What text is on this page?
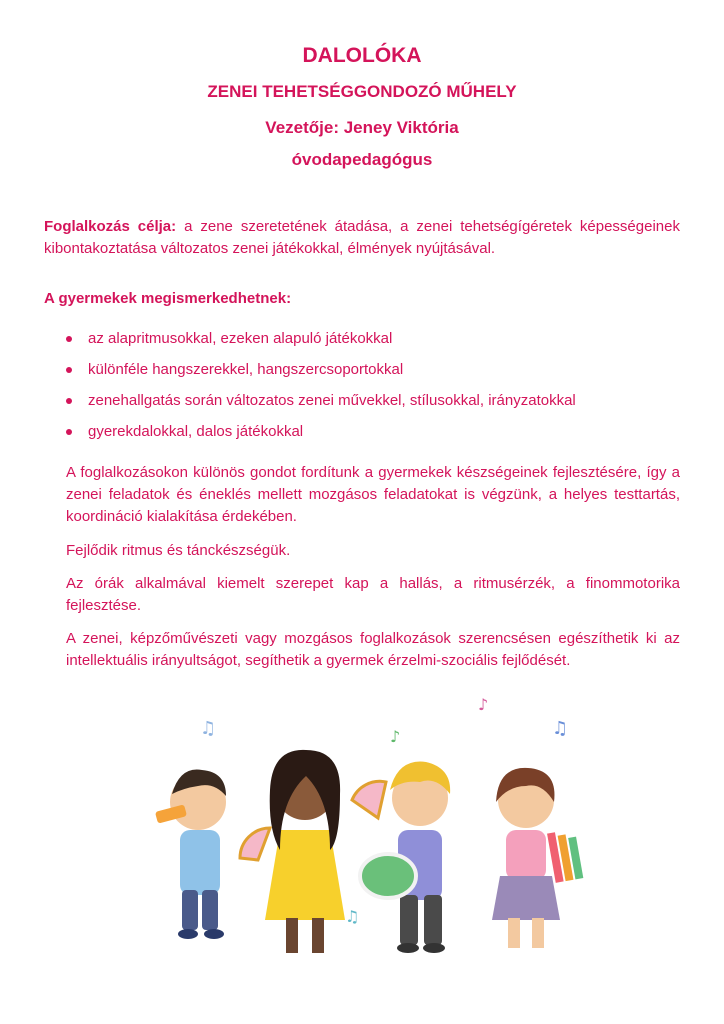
DALOLÓKA
ZENEI TEHETSÉGGONDOZÓ MŰHELY
Vezetője: Jeney Viktória
óvodapedagógus

Foglalkozás célja: a zene szeretetének átadása, a zenei tehetségígéretek képességeinek kibontakoztatása változatos zenei játékokkal, élmények nyújtásával.

A gyermekek megismerkedhetnek:

az alapritmusokkal, ezeken alapuló játékokkal
különféle hangszerekkel, hangszercsoportokkal
zenehallgatás során változatos zenei művekkel, stílusokkal, irányzatokkal
gyerekdalokkal, dalos játékokkal

A foglalkozásokon különös gondot fordítunk a gyermekek készségeinek fejlesztésére, így a zenei feladatok és éneklés mellett mozgásos feladatokat is végzünk, a helyes testtartás, koordináció kialakítása érdekében.

Fejlődik ritmus és tánckészségük.

Az órák alkalmával kiemelt szerepet kap a hallás, a ritmusérzék, a finommotorika fejlesztése.

A zenei, képzőművészeti vagy mozgásos foglalkozások szerencsésen egészíthetik ki az intellektuális irányultságot, segíthetik a gyermek érzelmi-szociális fejlődését.

♫	♪
♪
♫
♫
